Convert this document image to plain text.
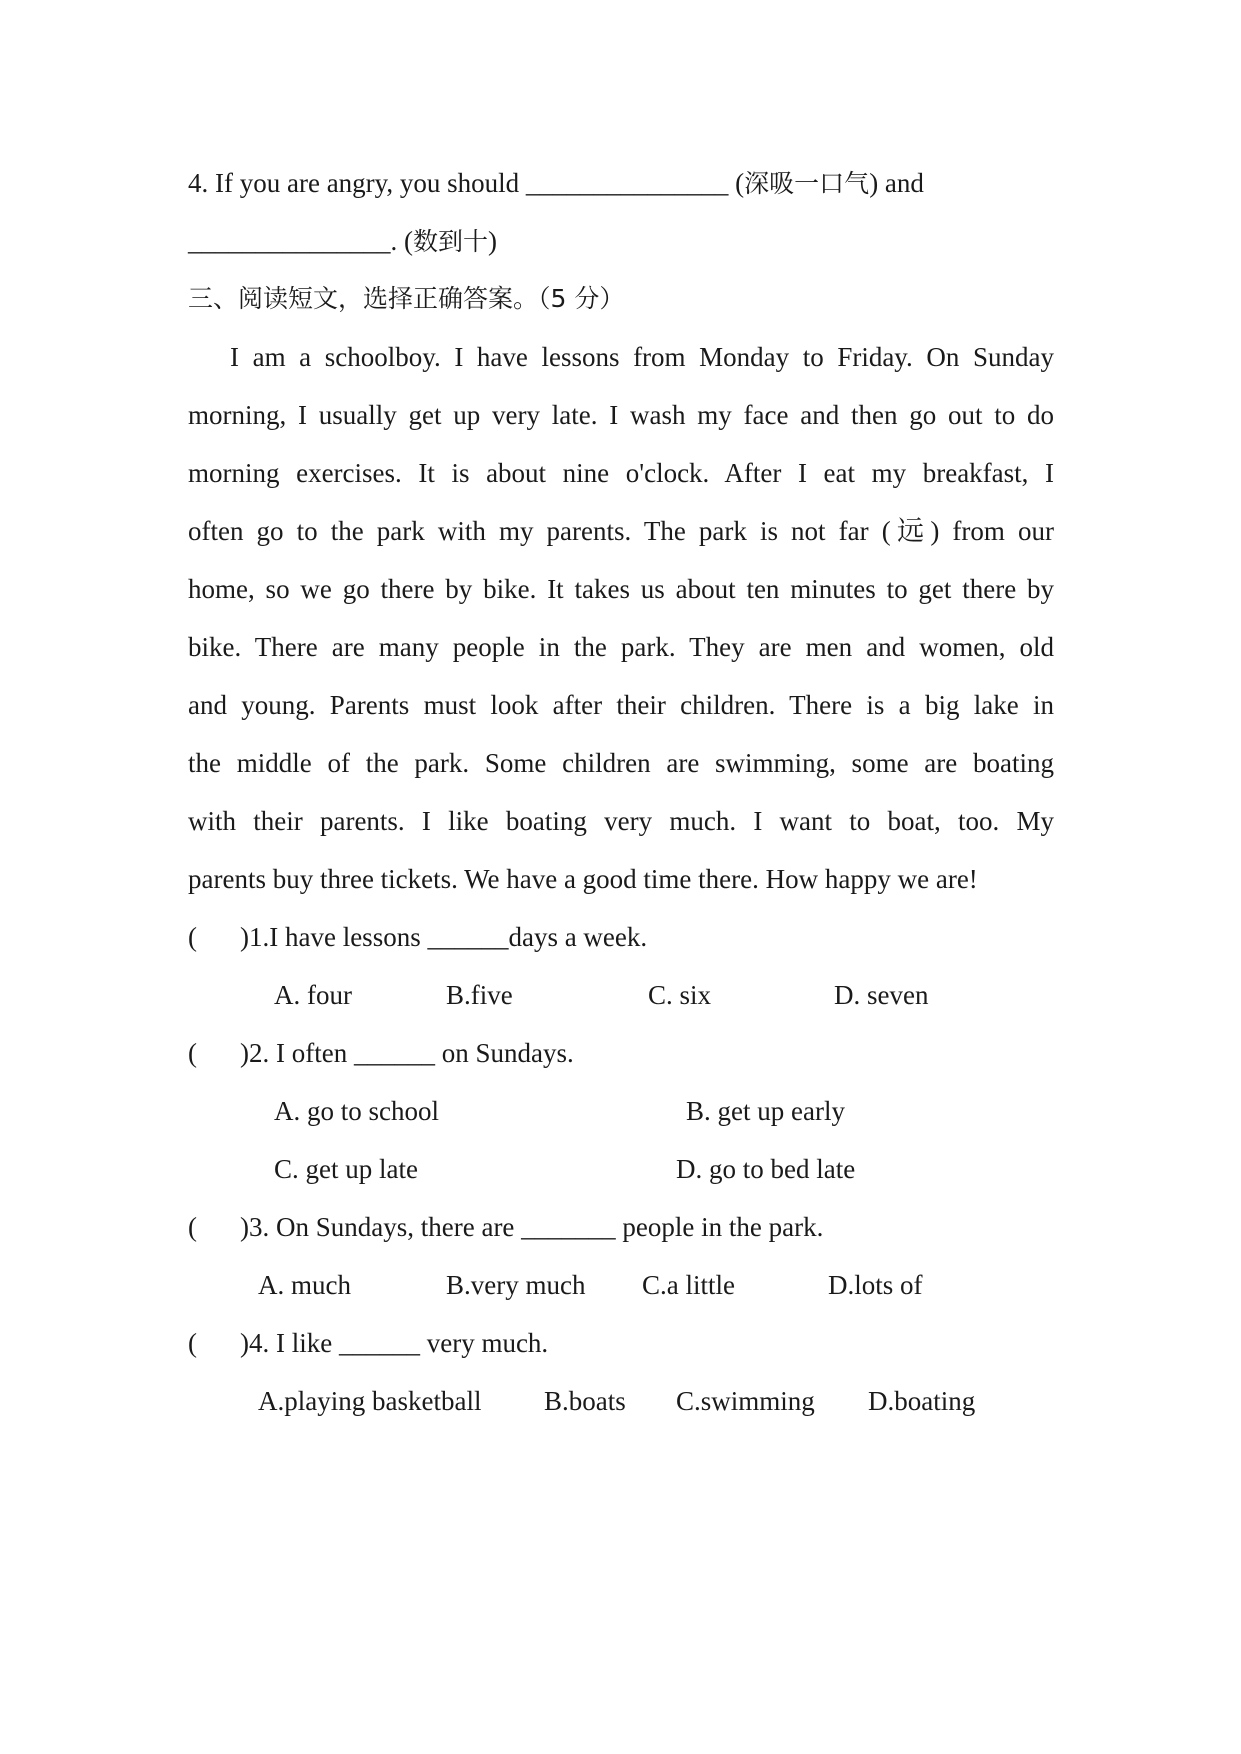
4. If you are angry, you should _______________ (深吸一口气) and
_______________. (数到十)
三、阅读短文，选择正确答案。（5 分）
I am a schoolboy. I have lessons from Monday to Friday. On Sunday
morning, I usually get up very late. I wash my face and then go out to do
morning exercises. It is about nine o'clock. After I eat my breakfast, I
often go to the park with my parents. The park is not far (远) from our
home, so we go there by bike. It takes us about ten minutes to get there by
bike. There are many people in the park. They are men and women, old
and young. Parents must look after their children. There is a big lake in
the middle of the park. Some children are swimming, some are boating
with their parents. I like boating very much. I want to boat, too. My
parents buy three tickets. We have a good time there. How happy we are!
( )1.I have lessons ______days a week.
A. four	B.five	C. six	D. seven
( )2. I often ______ on Sundays.
A. go to school	B. get up early
C. get up late	D. go to bed late
( )3. On Sundays, there are _______ people in the park.
A. much	B.very much C.a little	D.lots of
( )4. I like ______ very much.
A.playing basketball B.boats C.swimming D.boating
